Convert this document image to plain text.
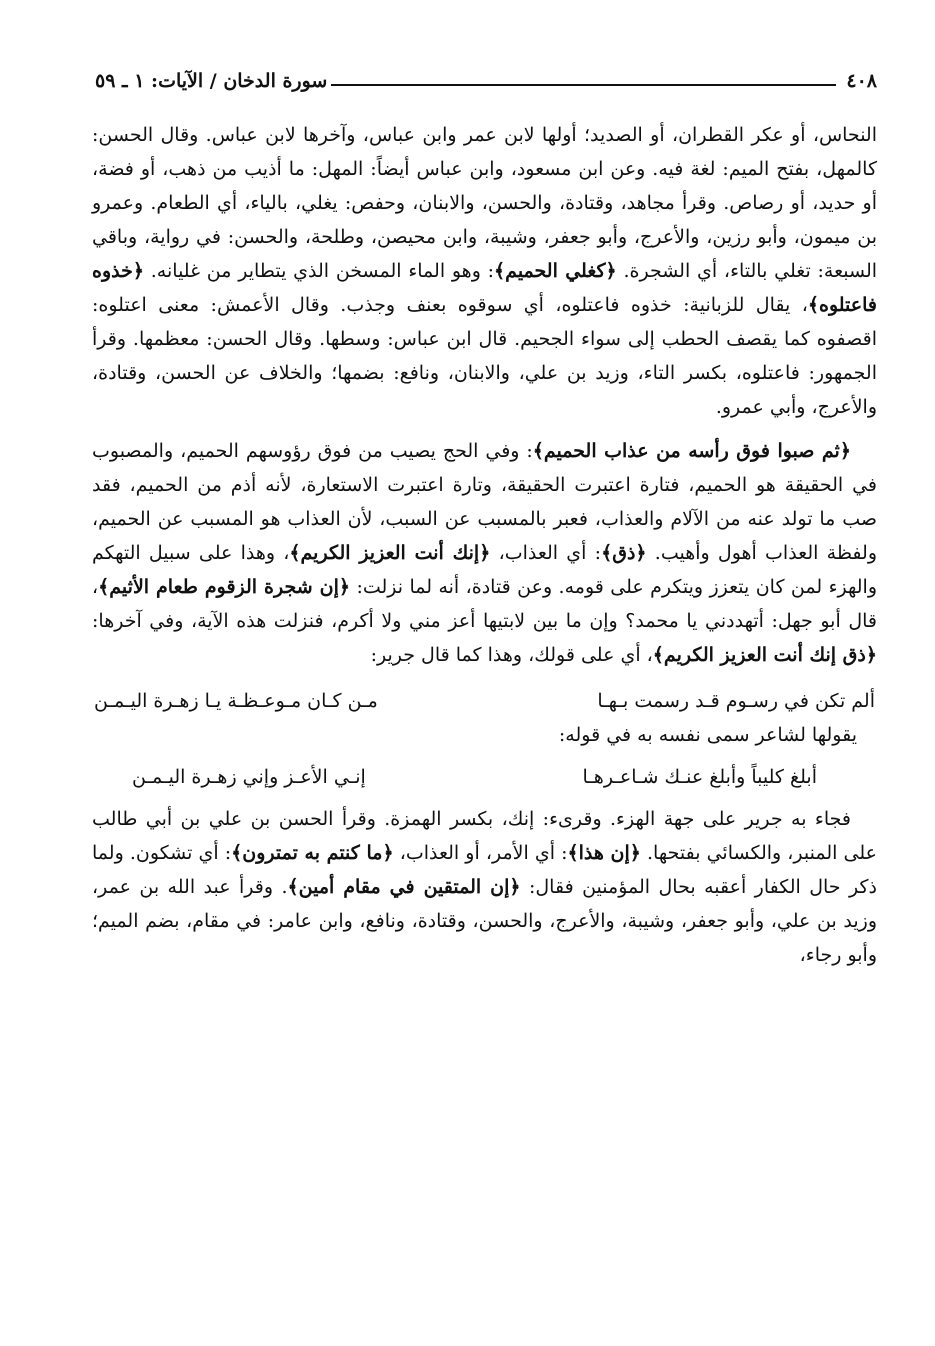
٤٠٨
سورة الدخان / الآيات: ١ ـ ٥٩

النحاس، أو عكر القطران، أو الصديد؛ أولها لابن عمر وابن عباس، وآخرها لابن عباس. وقال الحسن: كالمهل، بفتح الميم: لغة فيه. وعن ابن مسعود، وابن عباس أيضاً: المهل: ما أذيب من ذهب، أو فضة، أو حديد، أو رصاص. وقرأ مجاهد، وقتادة، والحسن، والابنان، وحفص: يغلي، بالياء، أي الطعام. وعمرو بن ميمون، وأبو رزين، والأعرج، وأبو جعفر، وشيبة، وابن محيصن، وطلحة، والحسن: في رواية، وباقي السبعة: تغلي بالتاء، أي الشجرة. ﴿كغلي الحميم﴾: وهو الماء المسخن الذي يتطاير من غليانه. ﴿خذوه فاعتلوه﴾، يقال للزبانية: خذوه فاعتلوه، أي سوقوه بعنف وجذب. وقال الأعمش: معنى اعتلوه: اقصفوه كما يقصف الحطب إلى سواء الجحيم. قال ابن عباس: وسطها. وقال الحسن: معظمها. وقرأ الجمهور: فاعتلوه، بكسر التاء، وزيد بن علي، والابنان، ونافع: بضمها؛ والخلاف عن الحسن، وقتادة، والأعرج، وأبي عمرو.

﴿ثم صبوا فوق رأسه من عذاب الحميم﴾: وفي الحج يصيب من فوق رؤوسهم الحميم، والمصبوب في الحقيقة هو الحميم، فتارة اعتبرت الحقيقة، وتارة اعتبرت الاستعارة، لأنه أذم من الحميم، فقد صب ما تولد عنه من الآلام والعذاب، فعبر بالمسبب عن السبب، لأن العذاب هو المسبب عن الحميم، ولفظة العذاب أهول وأهيب. ﴿ذق﴾: أي العذاب، ﴿إنك أنت العزيز الكريم﴾، وهذا على سبيل التهكم والهزء لمن كان يتعزز ويتكرم على قومه. وعن قتادة، أنه لما نزلت: ﴿إن شجرة الزقوم طعام الأثيم﴾، قال أبو جهل: أتهددني يا محمد؟ وإن ما بين لابتيها أعز مني ولا أكرم، فنزلت هذه الآية، وفي آخرها: ﴿ذق إنك أنت العزيز الكريم﴾، أي على قولك، وهذا كما قال جرير:

ألم تكن في رسـوم قـد رسمت بـهـا
مـن كـان مـوعـظـة يـا زهـرة اليـمـن

يقولها لشاعر سمى نفسه به في قوله:

أبلغ كليباً وأبلغ عنـك شـاعـرهـا
إنـي الأعـز وإني زهـرة اليـمـن

فجاء به جرير على جهة الهزء. وقرىء: إنك، بكسر الهمزة. وقرأ الحسن بن علي بن أبي طالب على المنبر، والكسائي بفتحها. ﴿إن هذا﴾: أي الأمر، أو العذاب، ﴿ما كنتم به تمترون﴾: أي تشكون. ولما ذكر حال الكفار أعقبه بحال المؤمنين فقال: ﴿إن المتقين في مقام أمين﴾. وقرأ عبد الله بن عمر، وزيد بن علي، وأبو جعفر، وشيبة، والأعرج، والحسن، وقتادة، ونافع، وابن عامر: في مقام، بضم الميم؛ وأبو رجاء،
